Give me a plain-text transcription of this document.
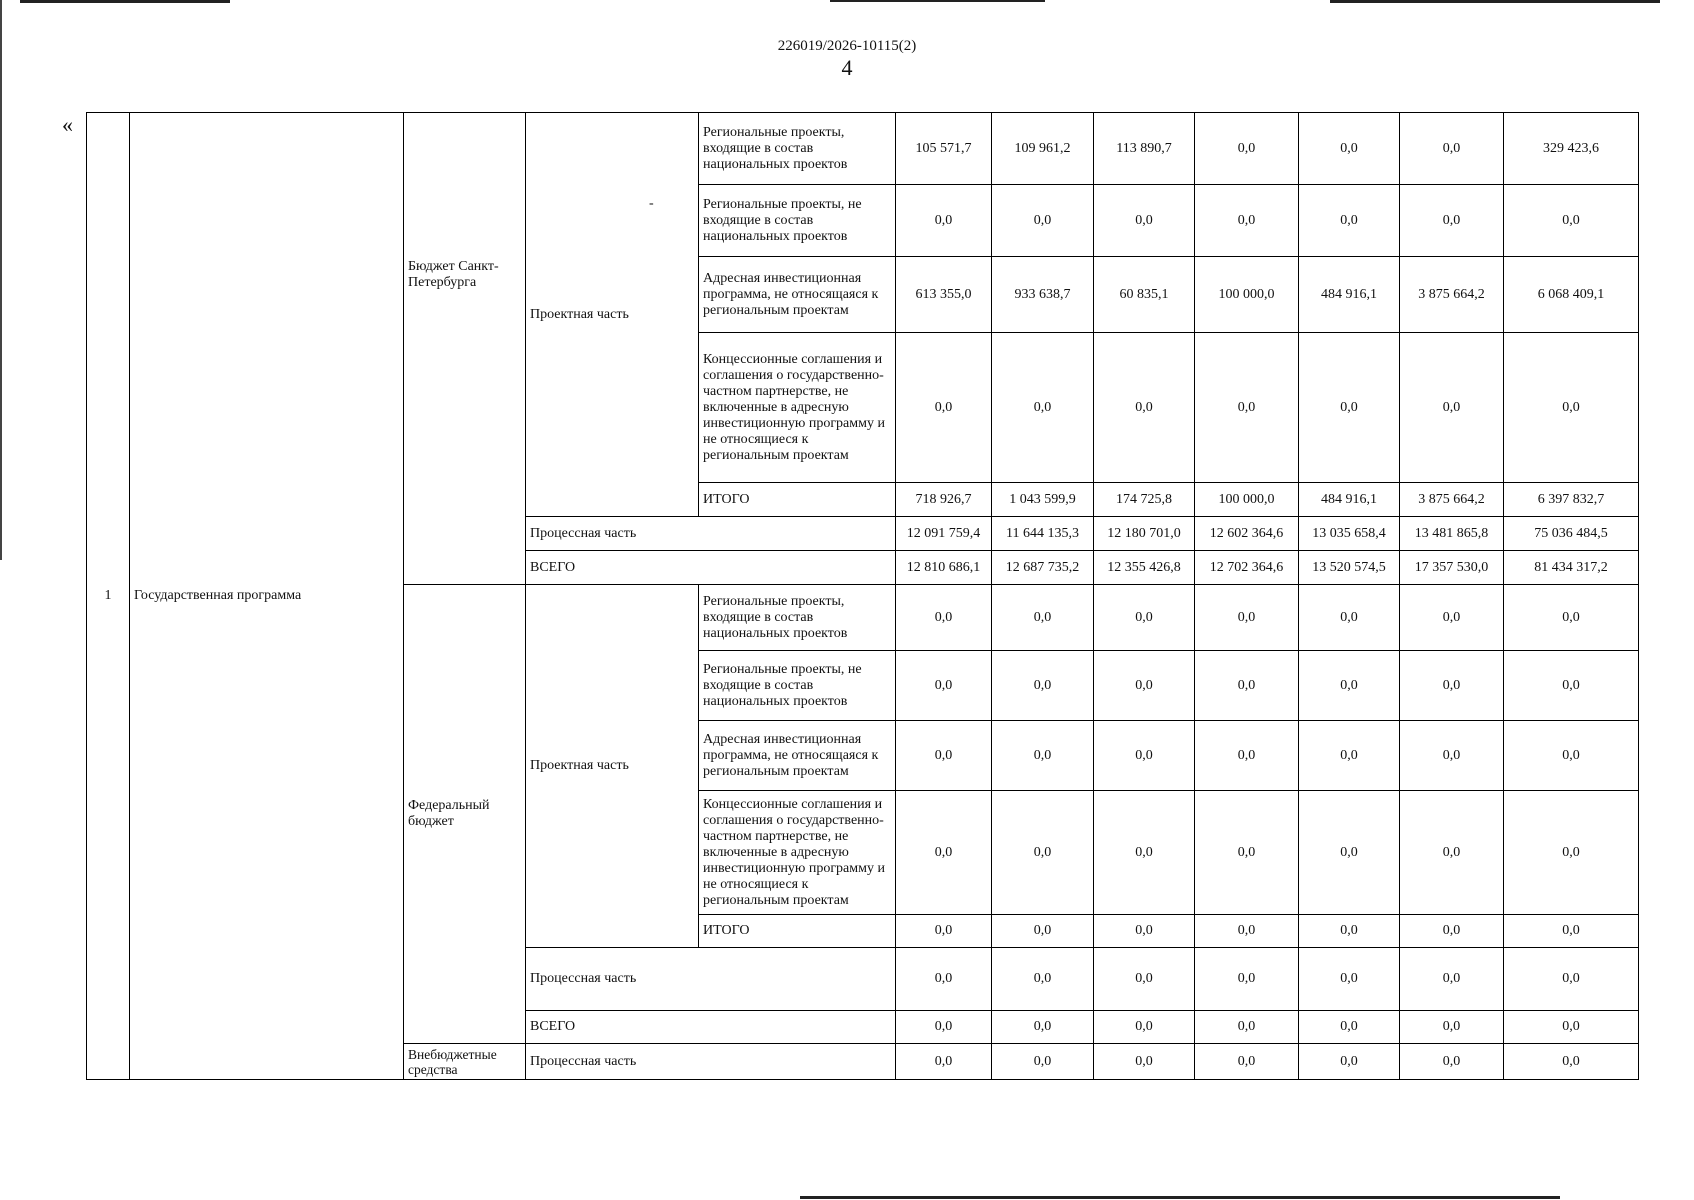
226019/2026-10115(2)
4
«
-
1	Государственная программа	Бюджет Санкт-Петербурга	Проектная часть	Региональные проекты, входящие в состав национальных проектов	105 571,7	109 961,2	113 890,7	0,0	0,0	0,0	329 423,6
				Региональные проекты, не входящие в состав национальных проектов	0,0	0,0	0,0	0,0	0,0	0,0	0,0
				Адресная инвестиционная программа, не относящаяся к региональным проектам	613 355,0	933 638,7	60 835,1	100 000,0	484 916,1	3 875 664,2	6 068 409,1
				Концессионные соглашения и соглашения о государственно-частном партнерстве, не включенные в адресную инвестиционную программу и не относящиеся к региональным проектам	0,0	0,0	0,0	0,0	0,0	0,0	0,0
				ИТОГО	718 926,7	1 043 599,9	174 725,8	100 000,0	484 916,1	3 875 664,2	6 397 832,7
			Процессная часть		12 091 759,4	11 644 135,3	12 180 701,0	12 602 364,6	13 035 658,4	13 481 865,8	75 036 484,5
			ВСЕГО		12 810 686,1	12 687 735,2	12 355 426,8	12 702 364,6	13 520 574,5	17 357 530,0	81 434 317,2
		Федеральный бюджет	Проектная часть	Региональные проекты, входящие в состав национальных проектов	0,0	0,0	0,0	0,0	0,0	0,0	0,0
				Региональные проекты, не входящие в состав национальных проектов	0,0	0,0	0,0	0,0	0,0	0,0	0,0
				Адресная инвестиционная программа, не относящаяся к региональным проектам	0,0	0,0	0,0	0,0	0,0	0,0	0,0
				Концессионные соглашения и соглашения о государственно-частном партнерстве, не включенные в адресную инвестиционную программу и не относящиеся к региональным проектам	0,0	0,0	0,0	0,0	0,0	0,0	0,0
				ИТОГО	0,0	0,0	0,0	0,0	0,0	0,0	0,0
			Процессная часть		0,0	0,0	0,0	0,0	0,0	0,0	0,0
			ВСЕГО		0,0	0,0	0,0	0,0	0,0	0,0	0,0
		Внебюджетные средства	Процессная часть		0,0	0,0	0,0	0,0	0,0	0,0	0,0
